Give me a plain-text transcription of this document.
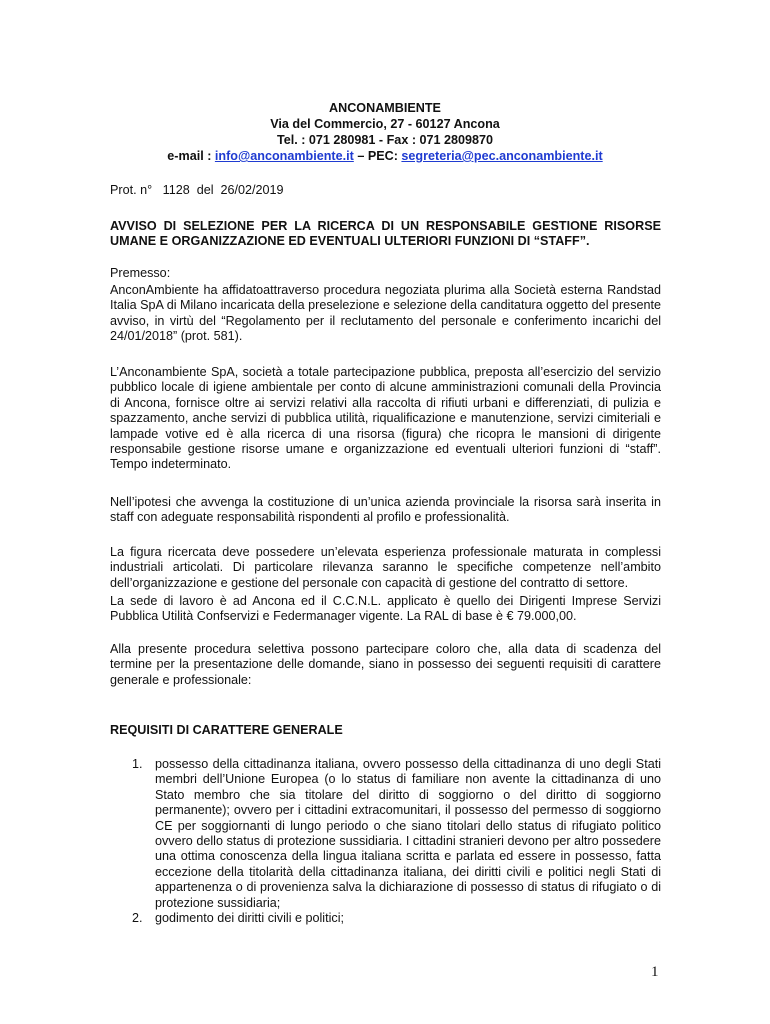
ANCONAMBIENTE
Via del Commercio, 27 - 60127 Ancona
Tel. : 071 280981 - Fax : 071 2809870
e-mail : info@anconambiente.it – PEC: segreteria@pec.anconambiente.it
Prot. n°   1128  del  26/02/2019
AVVISO DI SELEZIONE PER LA RICERCA DI UN RESPONSABILE GESTIONE RISORSE UMANE E ORGANIZZAZIONE ED EVENTUALI ULTERIORI FUNZIONI DI “STAFF”.
Premesso:
AnconAmbiente ha affidatoattraverso procedura negoziata plurima alla Società esterna Randstad Italia SpA di Milano incaricata della preselezione e selezione della canditatura oggetto del presente avviso, in virtù del “Regolamento per il reclutamento del personale e conferimento incarichi del 24/01/2018” (prot. 581).
L’Anconambiente SpA, società a totale partecipazione pubblica, preposta all’esercizio del servizio pubblico locale di igiene ambientale per conto di alcune amministrazioni comunali della Provincia di Ancona, fornisce oltre ai servizi relativi alla raccolta di rifiuti urbani e differenziati, di pulizia e spazzamento, anche servizi di pubblica utilità, riqualificazione e manutenzione, servizi cimiteriali e lampade votive ed è alla ricerca di una risorsa (figura) che ricopra le mansioni di dirigente responsabile gestione risorse umane e organizzazione ed eventuali ulteriori funzioni di “staff”. Tempo indeterminato.
Nell’ipotesi che avvenga la costituzione di un’unica azienda provinciale la risorsa sarà inserita in staff con adeguate responsabilità rispondenti al profilo e professionalità.
La figura ricercata deve possedere un’elevata esperienza professionale maturata in complessi industriali articolati. Di particolare rilevanza saranno le specifiche competenze nell’ambito dell’organizzazione e gestione del personale con capacità di gestione del contratto di settore.
La sede di lavoro è ad Ancona ed il C.C.N.L. applicato è quello dei Dirigenti Imprese Servizi Pubblica Utilità Confservizi e Federmanager vigente. La RAL di base è € 79.000,00.
Alla presente procedura selettiva possono partecipare coloro che, alla data di scadenza del termine per la presentazione delle domande, siano in possesso dei seguenti requisiti di carattere generale e professionale:
REQUISITI DI CARATTERE GENERALE
1. possesso della cittadinanza italiana, ovvero possesso della cittadinanza di uno degli Stati membri dell’Unione Europea (o lo status di familiare non avente la cittadinanza di uno Stato membro che sia titolare del diritto di soggiorno o del diritto di soggiorno permanente); ovvero per i cittadini extracomunitari, il possesso del permesso di soggiorno CE per soggiornanti di lungo periodo o che siano titolari dello status di rifugiato politico ovvero dello status di protezione sussidiaria. I cittadini stranieri devono per altro possedere una ottima conoscenza della lingua italiana scritta e parlata ed essere in possesso, fatta eccezione della titolarità della cittadinanza italiana, dei diritti civili e politici negli Stati di appartenenza o di provenienza salva la dichiarazione di possesso di status di rifugiato o di protezione sussidiaria;
2. godimento dei diritti civili e politici;
1
